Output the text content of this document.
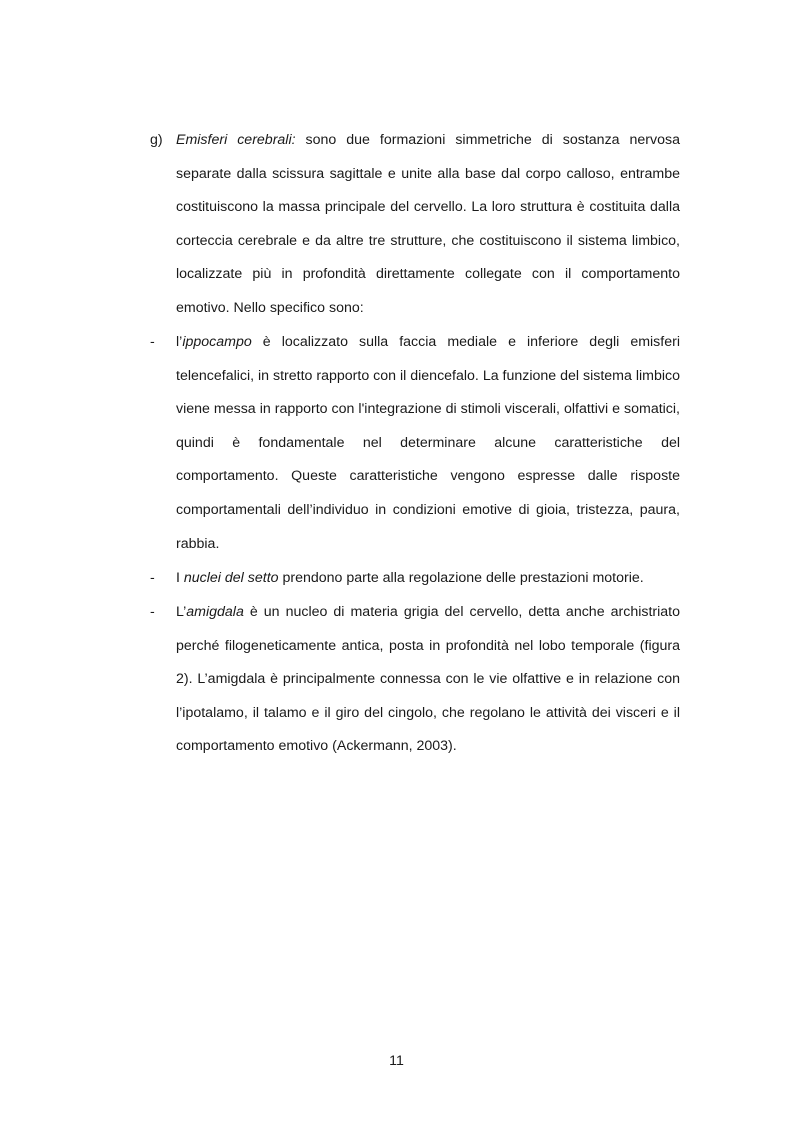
g) Emisferi cerebrali: sono due formazioni simmetriche di sostanza nervosa separate dalla scissura sagittale e unite alla base dal corpo calloso, entrambe costituiscono la massa principale del cervello. La loro struttura è costituita dalla corteccia cerebrale e da altre tre strutture, che costituiscono il sistema limbico, localizzate più in profondità direttamente collegate con il comportamento emotivo. Nello specifico sono:
- l’ippocampo è localizzato sulla faccia mediale e inferiore degli emisferi telencefalici, in stretto rapporto con il diencefalo. La funzione del sistema limbico viene messa in rapporto con l'integrazione di stimoli viscerali, olfattivi e somatici, quindi è fondamentale nel determinare alcune caratteristiche del comportamento. Queste caratteristiche vengono espresse dalle risposte comportamentali dell’individuo in condizioni emotive di gioia, tristezza, paura, rabbia.
- I nuclei del setto prendono parte alla regolazione delle prestazioni motorie.
- L’amigdala è un nucleo di materia grigia del cervello, detta anche archistriato perché filogeneticamente antica, posta in profondità nel lobo temporale (figura 2). L’amigdala è principalmente connessa con le vie olfattive e in relazione con l’ipotalamo, il talamo e il giro del cingolo, che regolano le attività dei visceri e il comportamento emotivo (Ackermann, 2003).
11
